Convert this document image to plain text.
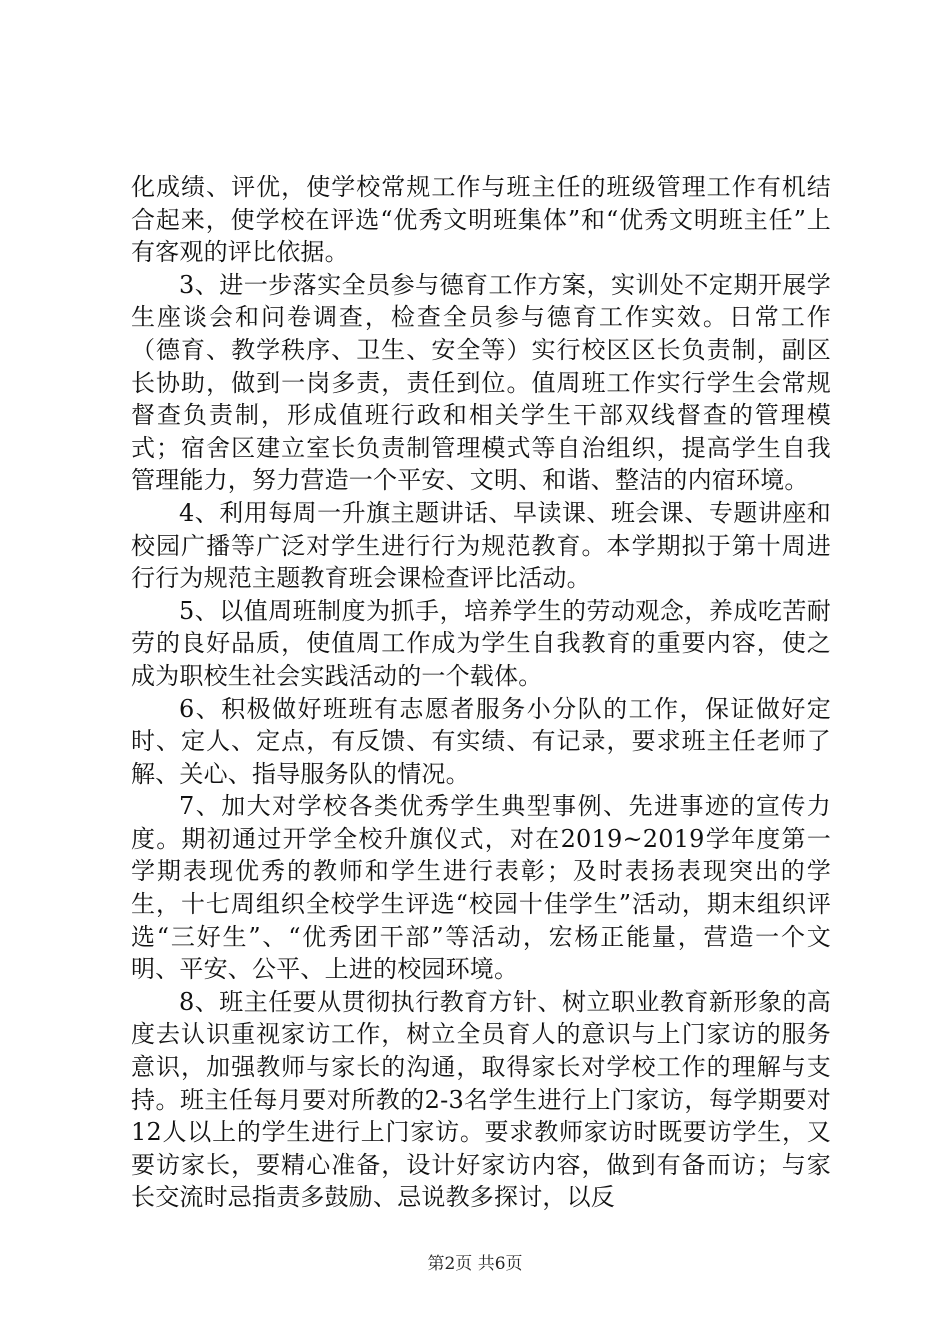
化成绩、评优，使学校常规工作与班主任的班级管理工作有机结合起来，使学校在评选“优秀文明班集体”和“优秀文明班主任”上有客观的评比依据。

3、进一步落实全员参与德育工作方案，实训处不定期开展学生座谈会和问卷调查，检查全员参与德育工作实效。日常工作（德育、教学秩序、卫生、安全等）实行校区区长负责制，副区长协助，做到一岗多责，责任到位。值周班工作实行学生会常规督查负责制，形成值班行政和相关学生干部双线督查的管理模式；宿舍区建立室长负责制管理模式等自治组织，提高学生自我管理能力，努力营造一个平安、文明、和谐、整洁的内宿环境。

4、利用每周一升旗主题讲话、早读课、班会课、专题讲座和校园广播等广泛对学生进行行为规范教育。本学期拟于第十周进行行为规范主题教育班会课检查评比活动。

5、以值周班制度为抓手，培养学生的劳动观念，养成吃苦耐劳的良好品质，使值周工作成为学生自我教育的重要内容，使之成为职校生社会实践活动的一个载体。

6、积极做好班班有志愿者服务小分队的工作，保证做好定时、定人、定点，有反馈、有实绩、有记录，要求班主任老师了解、关心、指导服务队的情况。

7、加大对学校各类优秀学生典型事例、先进事迹的宣传力度。期初通过开学全校升旗仪式，对在2019~2019学年度第一学期表现优秀的教师和学生进行表彰；及时表扬表现突出的学生，十七周组织全校学生评选“校园十佳学生”活动，期末组织评选“三好生”、“优秀团干部”等活动，宏杨正能量，营造一个文明、平安、公平、上进的校园环境。

8、班主任要从贯彻执行教育方针、树立职业教育新形象的高度去认识重视家访工作，树立全员育人的意识与上门家访的服务意识，加强教师与家长的沟通，取得家长对学校工作的理解与支持。班主任每月要对所教的2-3名学生进行上门家访，每学期要对12人以上的学生进行上门家访。要求教师家访时既要访学生，又要访家长，要精心准备，设计好家访内容，做到有备而访；与家长交流时忌指责多鼓励、忌说教多探讨，以反

第2页 共6页
